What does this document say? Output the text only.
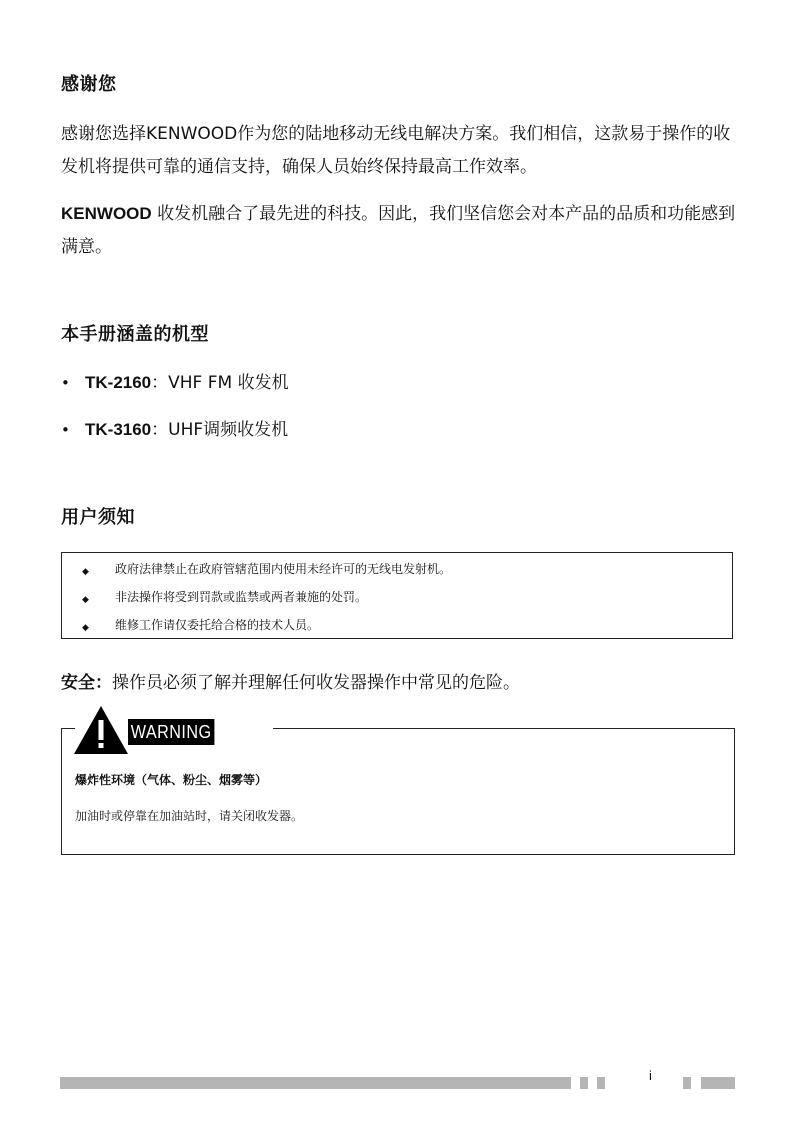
感谢您

感谢您选择KENWOOD作为您的陆地移动无线电解决方案。我们相信，这款易于操作的收发机将提供可靠的通信支持，确保人员始终保持最高工作效率。

KENWOOD 收发机融合了最先进的科技。因此，我们坚信您会对本产品的品质和功能感到满意。

本手册涵盖的机型
• TK-2160：VHF FM 收发机
• TK-3160：UHF调频收发机
用户须知
◆ 政府法律禁止在政府管辖范围内使用未经许可的无线电发射机。
◆ 非法操作将受到罚款或监禁或两者兼施的处罚。
◆ 维修工作请仅委托给合格的技术人员。
安全：操作员必须了解并理解任何收发器操作中常见的危险。
爆炸性环境（气体、粉尘、烟雾等）
加油时或停靠在加油站时，请关闭收发器。
WARNING
i
